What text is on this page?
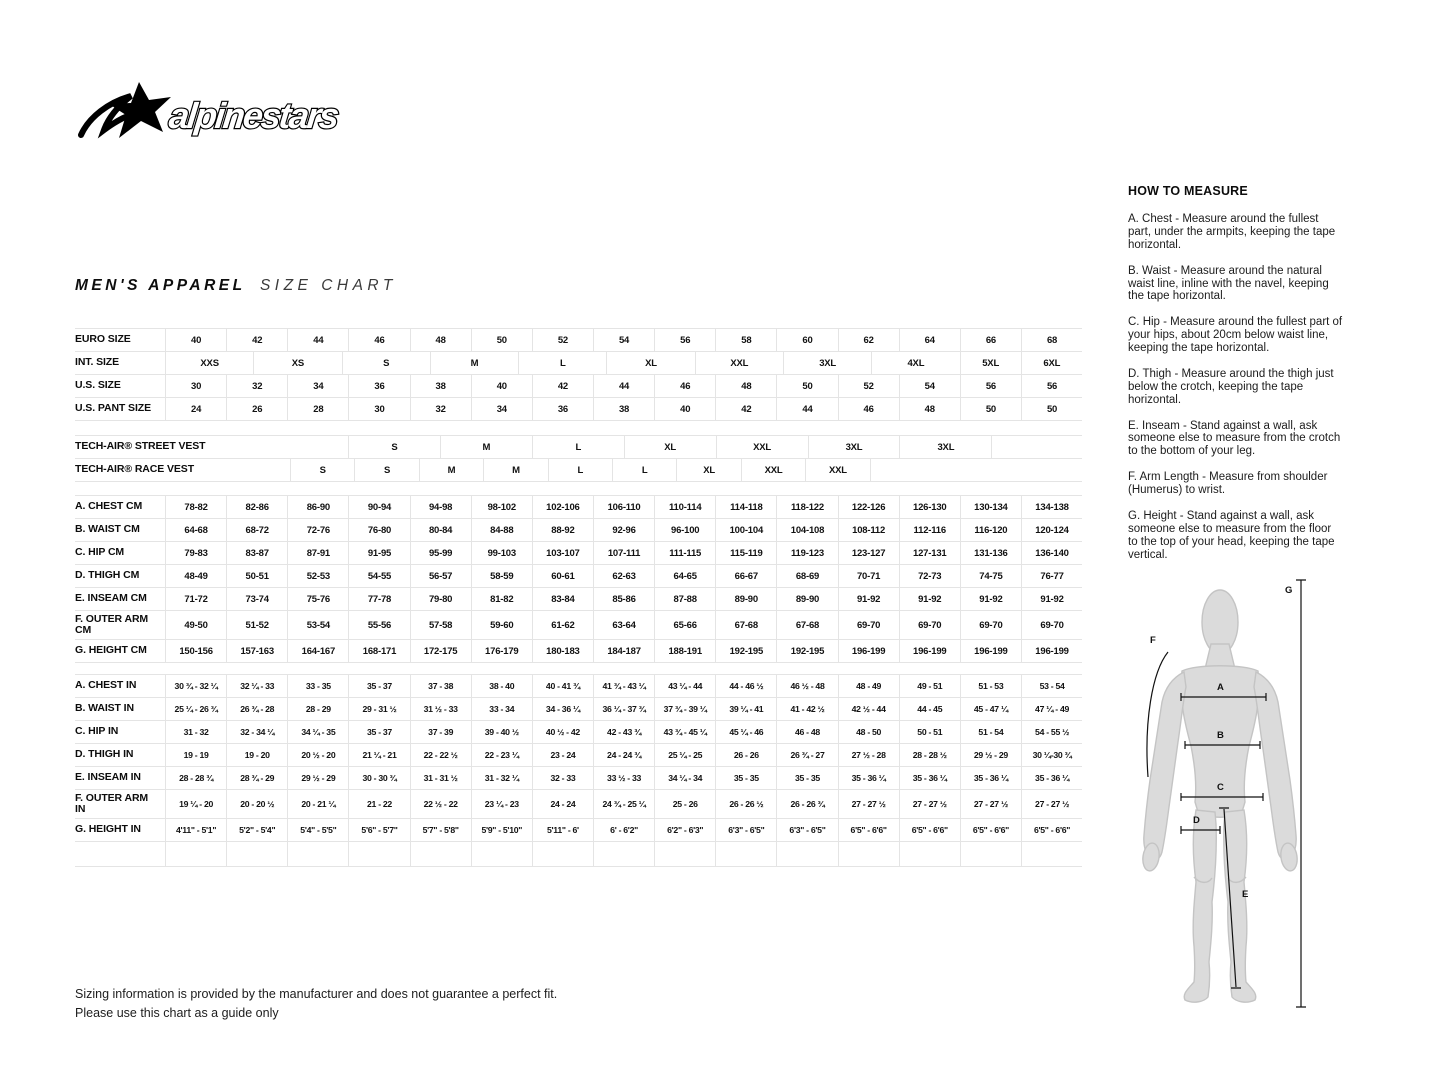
alpinestars
MEN'S APPAREL SIZE CHART
EURO SIZE	40	42	44	46	48	50	52	54	56	58	60	62	64	66	68
INT. SIZE	XXS	XS	S	M	L	XL	XXL	3XL	4XL	5XL	6XL
U.S. SIZE	30	32	34	36	38	40	42	44	46	48	50	52	54	56	56
U.S. PANT SIZE	24	26	28	30	32	34	36	38	40	42	44	46	48	50	50
TECH-AIR® STREET VEST	S	M	L	XL	XXL	3XL	3XL
TECH-AIR® RACE VEST	S	S	M	M	L	L	XL	XXL	XXL
A. CHEST CM	78-82	82-86	86-90	90-94	94-98	98-102	102-106	106-110	110-114	114-118	118-122	122-126	126-130	130-134	134-138
B. WAIST CM	64-68	68-72	72-76	76-80	80-84	84-88	88-92	92-96	96-100	100-104	104-108	108-112	112-116	116-120	120-124
C. HIP CM	79-83	83-87	87-91	91-95	95-99	99-103	103-107	107-111	111-115	115-119	119-123	123-127	127-131	131-136	136-140
D. THIGH CM	48-49	50-51	52-53	54-55	56-57	58-59	60-61	62-63	64-65	66-67	68-69	70-71	72-73	74-75	76-77
E. INSEAM CM	71-72	73-74	75-76	77-78	79-80	81-82	83-84	85-86	87-88	89-90	89-90	91-92	91-92	91-92	91-92
F. OUTER ARM CM	49-50	51-52	53-54	55-56	57-58	59-60	61-62	63-64	65-66	67-68	67-68	69-70	69-70	69-70	69-70
G. HEIGHT CM	150-156	157-163	164-167	168-171	172-175	176-179	180-183	184-187	188-191	192-195	192-195	196-199	196-199	196-199	196-199
A. CHEST IN	30 ¾ - 32 ¼	32 ¼ - 33	33 - 35	35 - 37	37 - 38	38 - 40	40 - 41 ¾	41 ¾ - 43 ¼	43 ¼ - 44	44 - 46 ½	46 ½ - 48	48 - 49	49 - 51	51 - 53	53 - 54
B. WAIST IN	25 ¼ - 26 ¾	26 ¾ - 28	28 - 29	29 - 31 ½	31 ½ - 33	33 - 34	34 - 36 ¼	36 ¼ - 37 ¾	37 ¾ - 39 ¼	39 ¼ - 41	41 - 42 ½	42 ½ - 44	44 - 45	45 - 47 ¼	47 ¼ - 49
C. HIP IN	31 - 32	32 - 34 ¼	34 ¼ - 35	35 - 37	37 - 39	39 - 40 ½	40 ½ - 42	42 - 43 ¾	43 ¾ - 45 ¼	45 ¼ - 46	46 - 48	48 - 50	50 - 51	51 - 54	54 - 55 ½
D. THIGH IN	19 - 19	19 - 20	20 ½ - 20	21 ¼ - 21	22 - 22 ½	22 - 23 ¼	23 - 24	24 - 24 ¾	25 ¼ - 25	26 - 26	26 ¾ - 27	27 ½ - 28	28 - 28 ½	29 ½ - 29	30 ¼-30 ¾
E. INSEAM IN	28 - 28 ¾	28 ¾ - 29	29 ½ - 29	30 - 30 ¾	31 - 31 ½	31 - 32 ¼	32 - 33	33 ½ - 33	34 ¼ - 34	35 - 35	35 - 35	35 - 36 ¼	35 - 36 ¼	35 - 36 ¼	35 - 36 ¼
F. OUTER ARM IN	19 ¼ - 20	20 - 20 ½	20 - 21 ¼	21 - 22	22 ½ - 22	23 ¼ - 23	24 - 24	24 ¾ - 25 ¼	25 - 26	26 - 26 ½	26 - 26 ¾	27 - 27 ½	27 - 27 ½	27 - 27 ½	27 - 27 ½
G. HEIGHT IN	4'11" - 5'1"	5'2" - 5'4"	5'4" - 5'5"	5'6" - 5'7"	5'7" - 5'8"	5'9" - 5'10"	5'11" - 6'	6' - 6'2"	6'2" - 6'3"	6'3" - 6'5"	6'3" - 6'5"	6'5" - 6'6"	6'5" - 6'6"	6'5" - 6'6"	6'5" - 6'6"
HOW TO MEASURE

A. Chest - Measure around the fullest part, under the armpits, keeping the tape horizontal.

B. Waist - Measure around the natural waist line, inline with the navel, keeping the tape horizontal.

C. Hip - Measure around the fullest part of your hips, about 20cm below waist line, keeping the tape horizontal.

D. Thigh - Measure around the thigh just below the crotch, keeping the tape horizontal.

E. Inseam - Stand against a wall, ask someone else to measure from the crotch to the bottom of your leg.

F. Arm Length - Measure from shoulder (Humerus) to wrist.

G. Height - Stand against a wall, ask someone else to measure from the floor to the top of your head, keeping the tape vertical.

A
B
C
D
E
F
G
Sizing information is provided by the manufacturer and does not guarantee a perfect fit.
Please use this chart as a guide only
